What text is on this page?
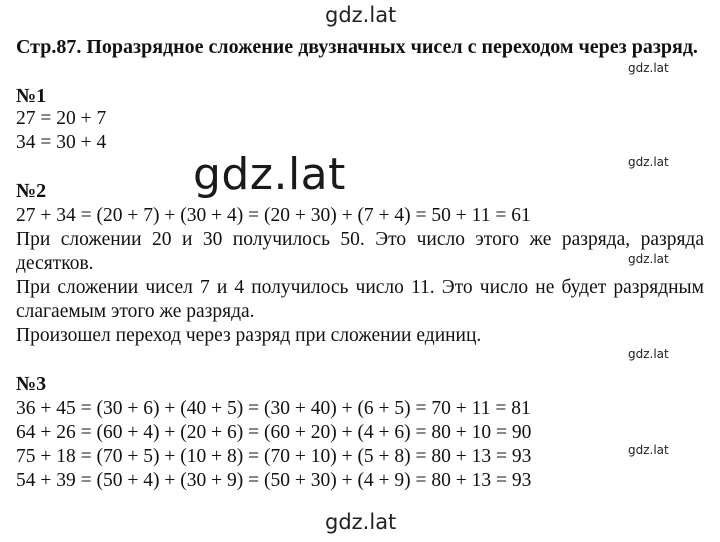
gdz.lat
gdz.lat
gdz.lat
gdz.lat
gdz.lat
gdz.lat
gdz.lat
gdz.lat
Стр.87. Поразрядное сложение двузначных чисел с переходом через разряд.
№1
27 = 20 + 7
34 = 30 + 4
№2
27 + 34 = (20 + 7) + (30 + 4) = (20 + 30) + (7 + 4) = 50 + 11 = 61
При сложении 20 и 30 получилось 50. Это число этого же разряда, разряда
десятков.
При сложении чисел 7 и 4 получилось число 11. Это число не будет разрядным
слагаемым этого же разряда.
Произошел переход через разряд при сложении единиц.
№3
36 + 45 = (30 + 6) + (40 + 5) = (30 + 40) + (6 + 5) = 70 + 11 = 81
64 + 26 = (60 + 4) + (20 + 6) = (60 + 20) + (4 + 6) = 80 + 10 = 90
75 + 18 = (70 + 5) + (10 + 8) = (70 + 10) + (5 + 8) = 80 + 13 = 93
54 + 39 = (50 + 4) + (30 + 9) = (50 + 30) + (4 + 9) = 80 + 13 = 93
